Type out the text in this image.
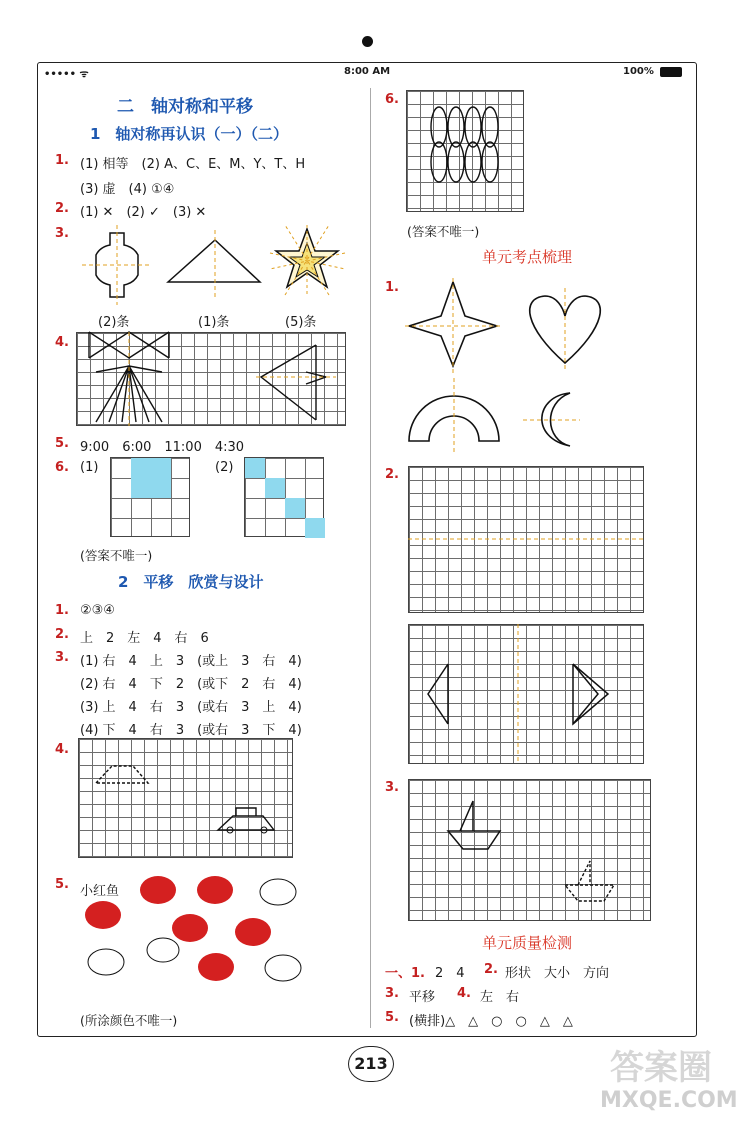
••••• ᯤ	8:00 AM	100%
二　轴对称和平移
1　轴对称再认识（一）（二）
1. (1) 相等　(2) A、C、E、M、Y、T、H
(3) 虚　(4) ①④
2. (1) ✕　(2) ✓　(3) ✕
3.
(2)条	(1)条	(5)条
4.
5. 9:00　6:00　11:00　4:30
6. (1)	(2)
(答案不唯一)
2　平移　欣赏与设计
1. ②③④
2. 上　2　左　4　右　6
3. (1) 右　4　上　3　(或上　3　右　4)
(2) 右　4　下　2　(或下　2　右　4)
(3) 上　4　右　3　(或右　3　上　4)
(4) 下　4　右　3　(或右　3　下　4)
4.
5. 小红鱼
(所涂颜色不唯一)
6.
(答案不唯一)
单元考点梳理
1.
2.
3.
单元质量检测
一、1. 2　4 2. 形状　大小　方向
3. 平移 4. 左　右
5. (横排)△　△　○　○　△　△
213	答案圈
MXQE.COM
